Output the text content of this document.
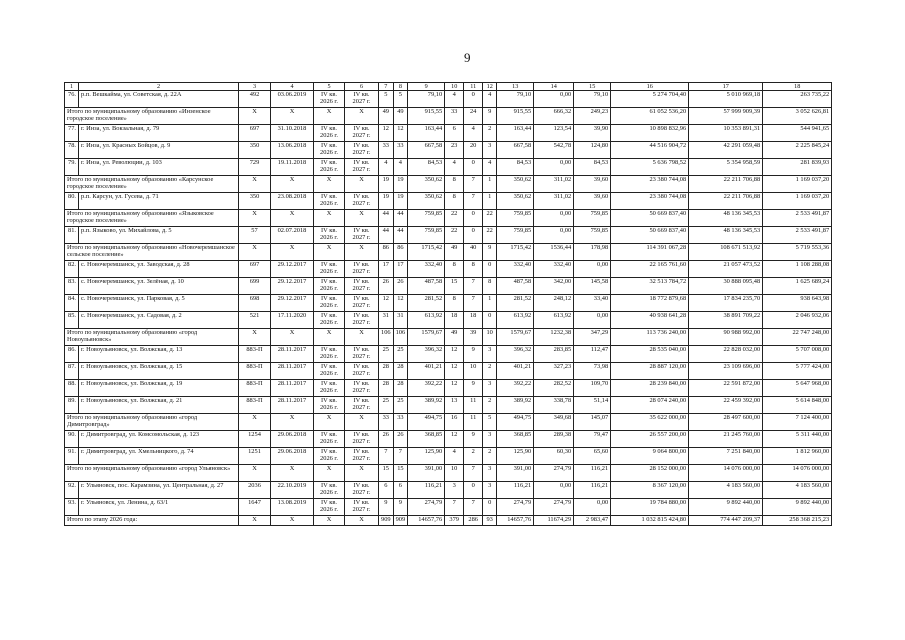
9
1	2	3	4	5	6	7	8	9	10	11	12	13	14	15	16	17	18
76.	р.п. Вешкайма, ул. Советская, д. 22А	492	03.06.2019	IV кв. 2026 г.	IV кв. 2027 г.	5	5	79,10	4	0	4	79,10	0,00	79,10	5 274 704,40	5 010 969,18	263 735,22
Итого по муниципальному образованию «Инзенское городское поселение»		X	X	X	X	49	49	915,55	33	24	9	915,55	666,32	249,23	61 052 536,20	57 999 909,39	3 052 626,81
77.	г. Инза, ул. Вокзальная, д. 79	697	31.10.2018	IV кв. 2026 г.	IV кв. 2027 г.	12	12	163,44	6	4	2	163,44	123,54	39,90	10 898 832,96	10 353 891,31	544 941,65
78.	г. Инза, ул. Красных Бойцов, д. 9	350	13.06.2018	IV кв. 2026 г.	IV кв. 2027 г.	33	33	667,58	23	20	3	667,58	542,78	124,80	44 516 904,72	42 291 059,48	2 225 845,24
79.	г. Инза, ул. Революции, д. 103	729	19.11.2018	IV кв. 2026 г.	IV кв. 2027 г.	4	4	84,53	4	0	4	84,53	0,00	84,53	5 636 798,52	5 354 958,59	281 839,93
Итого по муниципальному образованию «Карсунское городское поселение»		X	X	X	X	19	19	350,62	8	7	1	350,62	311,02	39,60	23 380 744,08	22 211 706,88	1 169 037,20
80.	р.п. Карсун, ул. Гусева, д. 71	350	23.08.2018	IV кв. 2026 г.	IV кв. 2027 г.	19	19	350,62	8	7	1	350,62	311,02	39,60	23 380 744,08	22 211 706,88	1 169 037,20
Итого по муниципальному образованию «Языковское городское поселение»		X	X	X	X	44	44	759,85	22	0	22	759,85	0,00	759,85	50 669 837,40	48 136 345,53	2 533 491,87
81.	р.п. Языково, ул. Михайлова, д. 5	57	02.07.2018	IV кв. 2026 г.	IV кв. 2027 г.	44	44	759,85	22	0	22	759,85	0,00	759,85	50 669 837,40	48 136 345,53	2 533 491,87
Итого по муниципальному образованию «Новочеремшанское сельское поселение»		X	X	X	X	86	86	1715,42	49	40	9	1715,42	1536,44	178,98	114 391 067,28	108 671 513,92	5 719 553,36
82.	с. Новочеремшанск, ул. Заводская, д. 28	697	29.12.2017	IV кв. 2026 г.	IV кв. 2027 г.	17	17	332,40	8	8	0	332,40	332,40	0,00	22 165 761,60	21 057 473,52	1 108 288,08
83.	с. Новочеремшанск, ул. Зелёная, д. 10	699	29.12.2017	IV кв. 2026 г.	IV кв. 2027 г.	26	26	487,58	15	7	8	487,58	342,00	145,58	32 513 784,72	30 888 095,48	1 625 689,24
84.	с. Новочеремшанск, ул. Парковая, д. 5	698	29.12.2017	IV кв. 2026 г.	IV кв. 2027 г.	12	12	281,52	8	7	1	281,52	248,12	33,40	18 772 879,68	17 834 235,70	938 643,98
85.	с. Новочеремшанск, ул. Садовая, д. 2	521	17.11.2020	IV кв. 2026 г.	IV кв. 2027 г.	31	31	613,92	18	18	0	613,92	613,92	0,00	40 938 641,28	38 891 709,22	2 046 932,06
Итого по муниципальному образованию «город Новоульяновск»		X	X	X	X	106	106	1579,67	49	39	10	1579,67	1232,38	347,29	113 736 240,00	90 988 992,00	22 747 248,00
86.	г. Новоульяновск, ул. Волжская, д. 13	883-П	28.11.2017	IV кв. 2026 г.	IV кв. 2027 г.	25	25	396,32	12	9	3	396,32	283,85	112,47	28 535 040,00	22 828 032,00	5 707 008,00
87.	г. Новоульяновск, ул. Волжская, д. 15	883-П	28.11.2017	IV кв. 2026 г.	IV кв. 2027 г.	28	28	401,21	12	10	2	401,21	327,23	73,98	28 887 120,00	23 109 696,00	5 777 424,00
88.	г. Новоульяновск, ул. Волжская, д. 19	883-П	28.11.2017	IV кв. 2026 г.	IV кв. 2027 г.	28	28	392,22	12	9	3	392,22	282,52	109,70	28 239 840,00	22 591 872,00	5 647 968,00
89.	г. Новоульяновск, ул. Волжская, д. 21	883-П	28.11.2017	IV кв. 2026 г.	IV кв. 2027 г.	25	25	389,92	13	11	2	389,92	338,78	51,14	28 074 240,00	22 459 392,00	5 614 848,00
Итого по муниципальному образованию «город Димитровград»		X	X	X	X	33	33	494,75	16	11	5	494,75	349,68	145,07	35 622 000,00	28 497 600,00	7 124 400,00
90.	г. Димитровград, ул. Комсомольская, д. 123	1254	29.06.2018	IV кв. 2026 г.	IV кв. 2027 г.	26	26	368,85	12	9	3	368,85	289,38	79,47	26 557 200,00	21 245 760,00	5 311 440,00
91.	г. Димитровград, ул. Хмельницкого, д. 74	1251	29.06.2018	IV кв. 2026 г.	IV кв. 2027 г.	7	7	125,90	4	2	2	125,90	60,30	65,60	9 064 800,00	7 251 840,00	1 812 960,00
Итого по муниципальному образованию «город Ульяновск»		X	X	X	X	15	15	391,00	10	7	3	391,00	274,79	116,21	28 152 000,00	14 076 000,00	14 076 000,00
92.	г. Ульяновск, пос. Карамзина, ул. Центральная, д. 27	2036	22.10.2019	IV кв. 2026 г.	IV кв. 2027 г.	6	6	116,21	3	0	3	116,21	0,00	116,21	8 367 120,00	4 183 560,00	4 183 560,00
93.	г. Ульяновск, ул. Ленина, д. 63/1	1647	13.08.2019	IV кв. 2026 г.	IV кв. 2027 г.	9	9	274,79	7	7	0	274,79	274,79	0,00	19 784 880,00	9 892 440,00	9 892 440,00
Итого по этапу 2026 года:		X	X	X	X	909	909	14657,76	379	286	93	14657,76	11674,29	2 983,47	1 032 815 424,80	774 447 209,37	258 368 215,23
